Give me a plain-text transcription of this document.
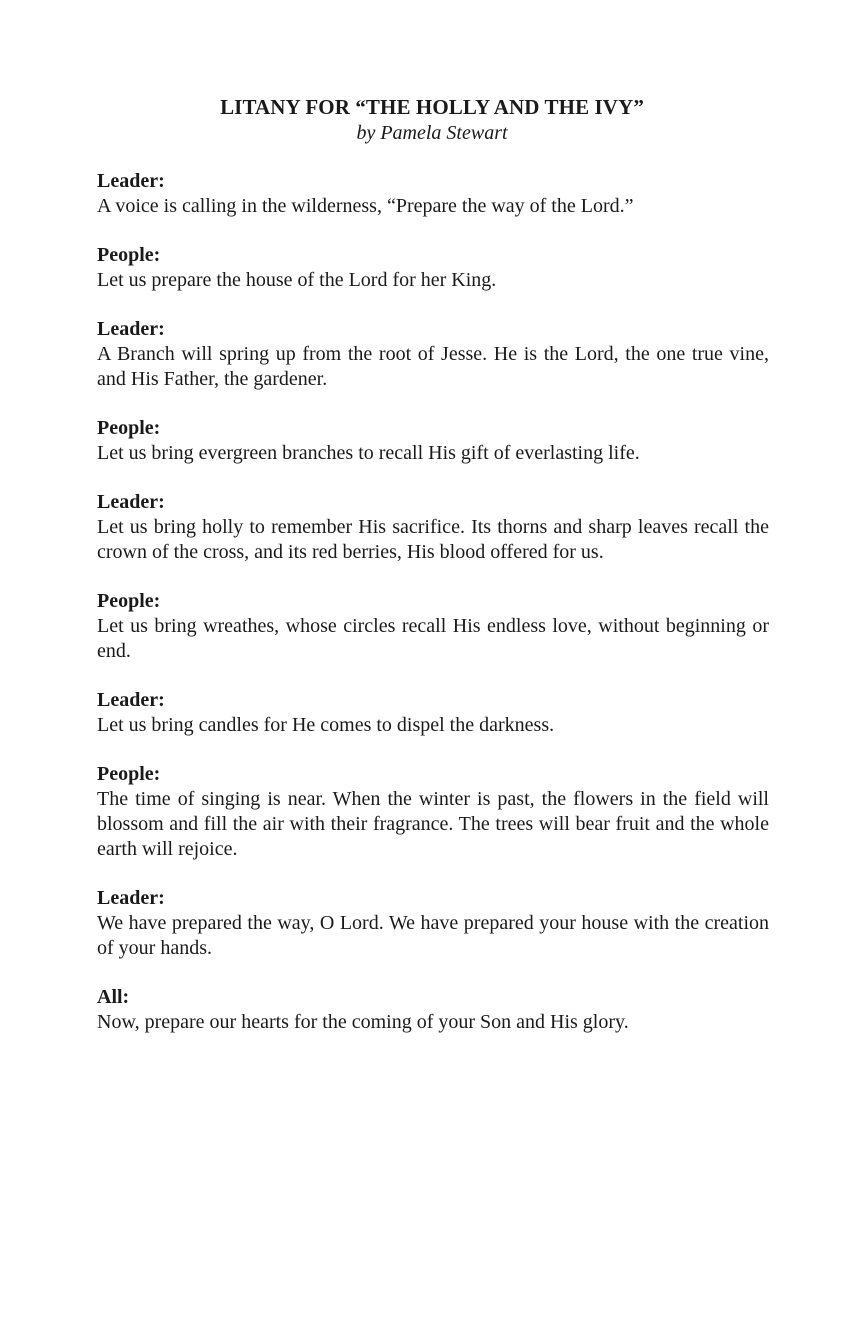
LITANY FOR “THE HOLLY AND THE IVY”
by Pamela Stewart
Leader:
A voice is calling in the wilderness, “Prepare the way of the Lord.”
People:
Let us prepare the house of the Lord for her King.
Leader:
A Branch will spring up from the root of Jesse. He is the Lord, the one true vine, and His Father, the gardener.
People:
Let us bring evergreen branches to recall His gift of everlasting life.
Leader:
Let us bring holly to remember His sacrifice. Its thorns and sharp leaves recall the crown of the cross, and its red berries, His blood offered for us.
People:
Let us bring wreathes, whose circles recall His endless love, without beginning or end.
Leader:
Let us bring candles for He comes to dispel the darkness.
People:
The time of singing is near. When the winter is past, the flowers in the field will blossom and fill the air with their fragrance. The trees will bear fruit and the whole earth will rejoice.
Leader:
We have prepared the way, O Lord. We have prepared your house with the creation of your hands.
All:
Now, prepare our hearts for the coming of your Son and His glory.
